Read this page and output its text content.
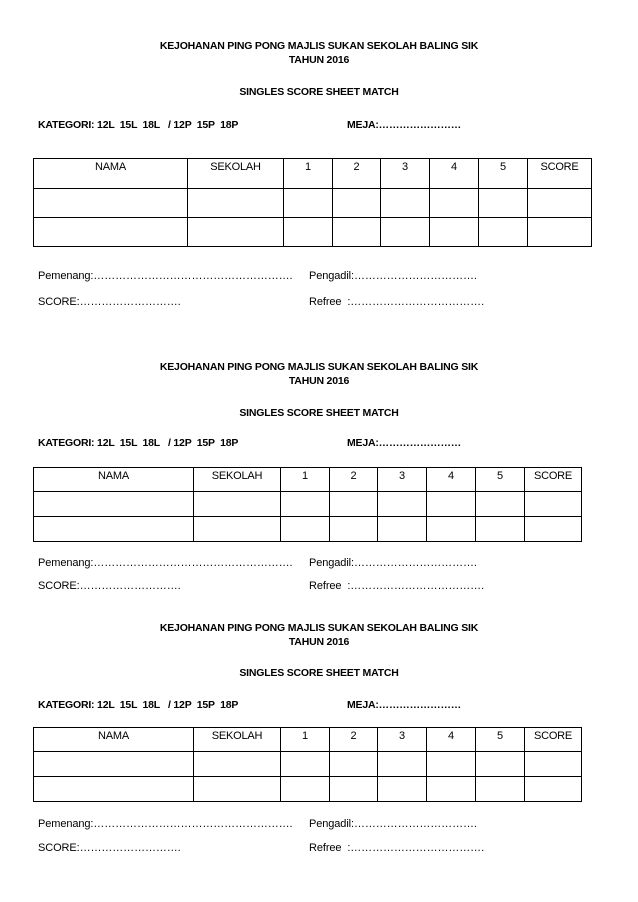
KEJOHANAN PING PONG MAJLIS SUKAN SEKOLAH BALING SIK
TAHUN 2016
SINGLES SCORE SHEET MATCH
KATEGORI: 12L  15L  18L   / 12P  15P  18P	MEJA:……………………
NAMA	SEKOLAH	1	2	3	4	5	SCORE

Pemenang:………………………………………………. Pengadil:…………………………….
SCORE:……………………….	Refree  :……………………………….
KEJOHANAN PING PONG MAJLIS SUKAN SEKOLAH BALING SIK
TAHUN 2016
SINGLES SCORE SHEET MATCH
KATEGORI: 12L  15L  18L   / 12P  15P  18P	MEJA:……………………
NAMA	SEKOLAH	1	2	3	4	5	SCORE

Pemenang:………………………………………………. Pengadil:…………………………….
SCORE:……………………….	Refree  :……………………………….
KEJOHANAN PING PONG MAJLIS SUKAN SEKOLAH BALING SIK
TAHUN 2016
SINGLES SCORE SHEET MATCH
KATEGORI: 12L  15L  18L   / 12P  15P  18P	MEJA:……………………
NAMA	SEKOLAH	1	2	3	4	5	SCORE

Pemenang:………………………………………………. Pengadil:…………………………….
SCORE:……………………….	Refree  :……………………………….
